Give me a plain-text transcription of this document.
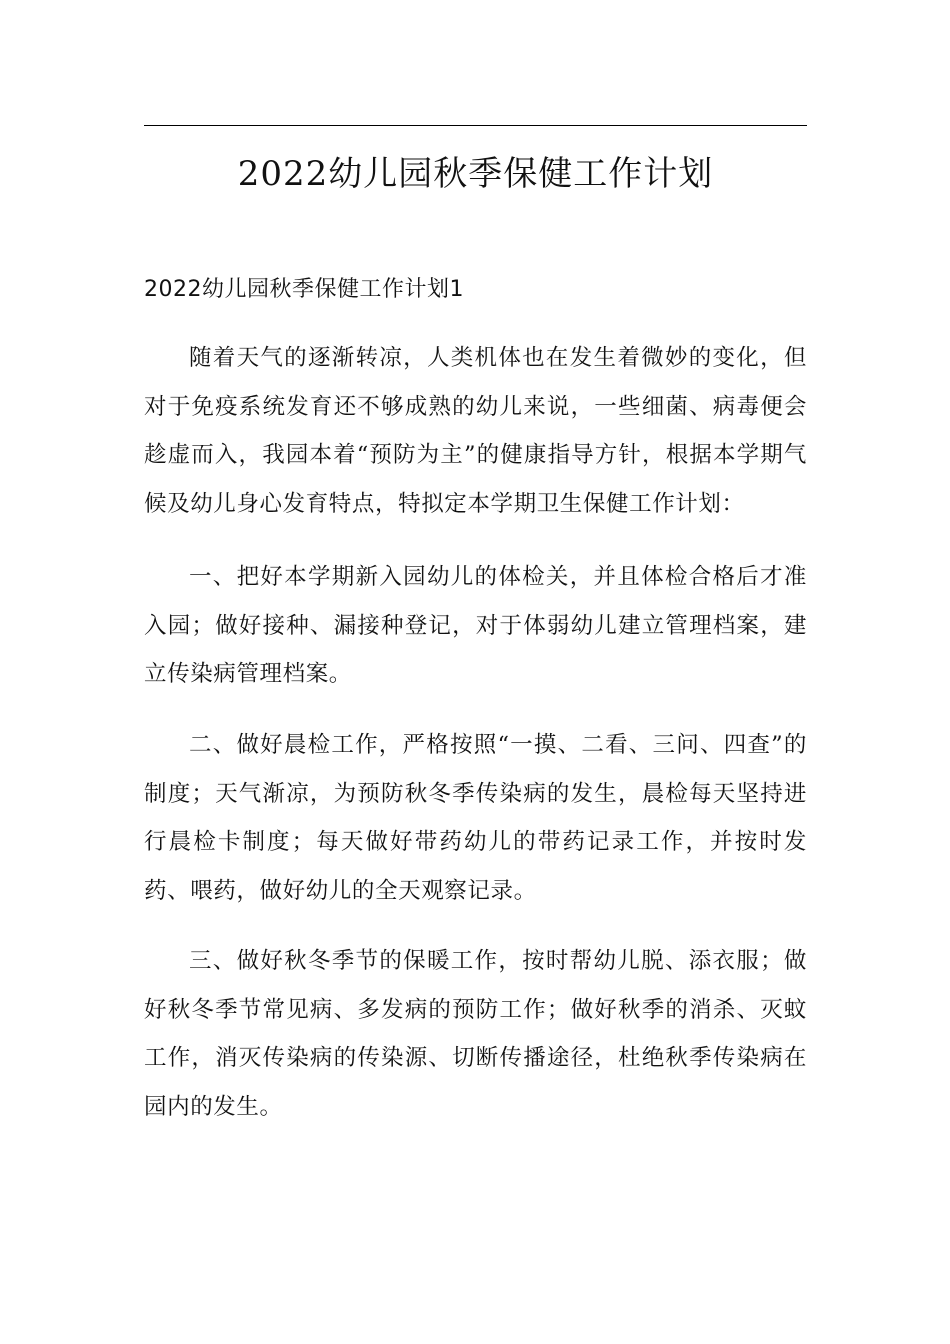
2022幼儿园秋季保健工作计划
2022幼儿园秋季保健工作计划1

随着天气的逐渐转凉，人类机体也在发生着微妙的变化，但对于免疫系统发育还不够成熟的幼儿来说，一些细菌、病毒便会趁虚而入，我园本着“预防为主”的健康指导方针，根据本学期气候及幼儿身心发育特点，特拟定本学期卫生保健工作计划：

一、把好本学期新入园幼儿的体检关，并且体检合格后才准入园；做好接种、漏接种登记，对于体弱幼儿建立管理档案，建立传染病管理档案。

二、做好晨检工作，严格按照“一摸、二看、三问、四查”的制度；天气渐凉，为预防秋冬季传染病的发生，晨检每天坚持进行晨检卡制度；每天做好带药幼儿的带药记录工作，并按时发药、喂药，做好幼儿的全天观察记录。

三、做好秋冬季节的保暖工作，按时帮幼儿脱、添衣服；做好秋冬季节常见病、多发病的预防工作；做好秋季的消杀、灭蚊工作，消灭传染病的传染源、切断传播途径，杜绝秋季传染病在园内的发生。
